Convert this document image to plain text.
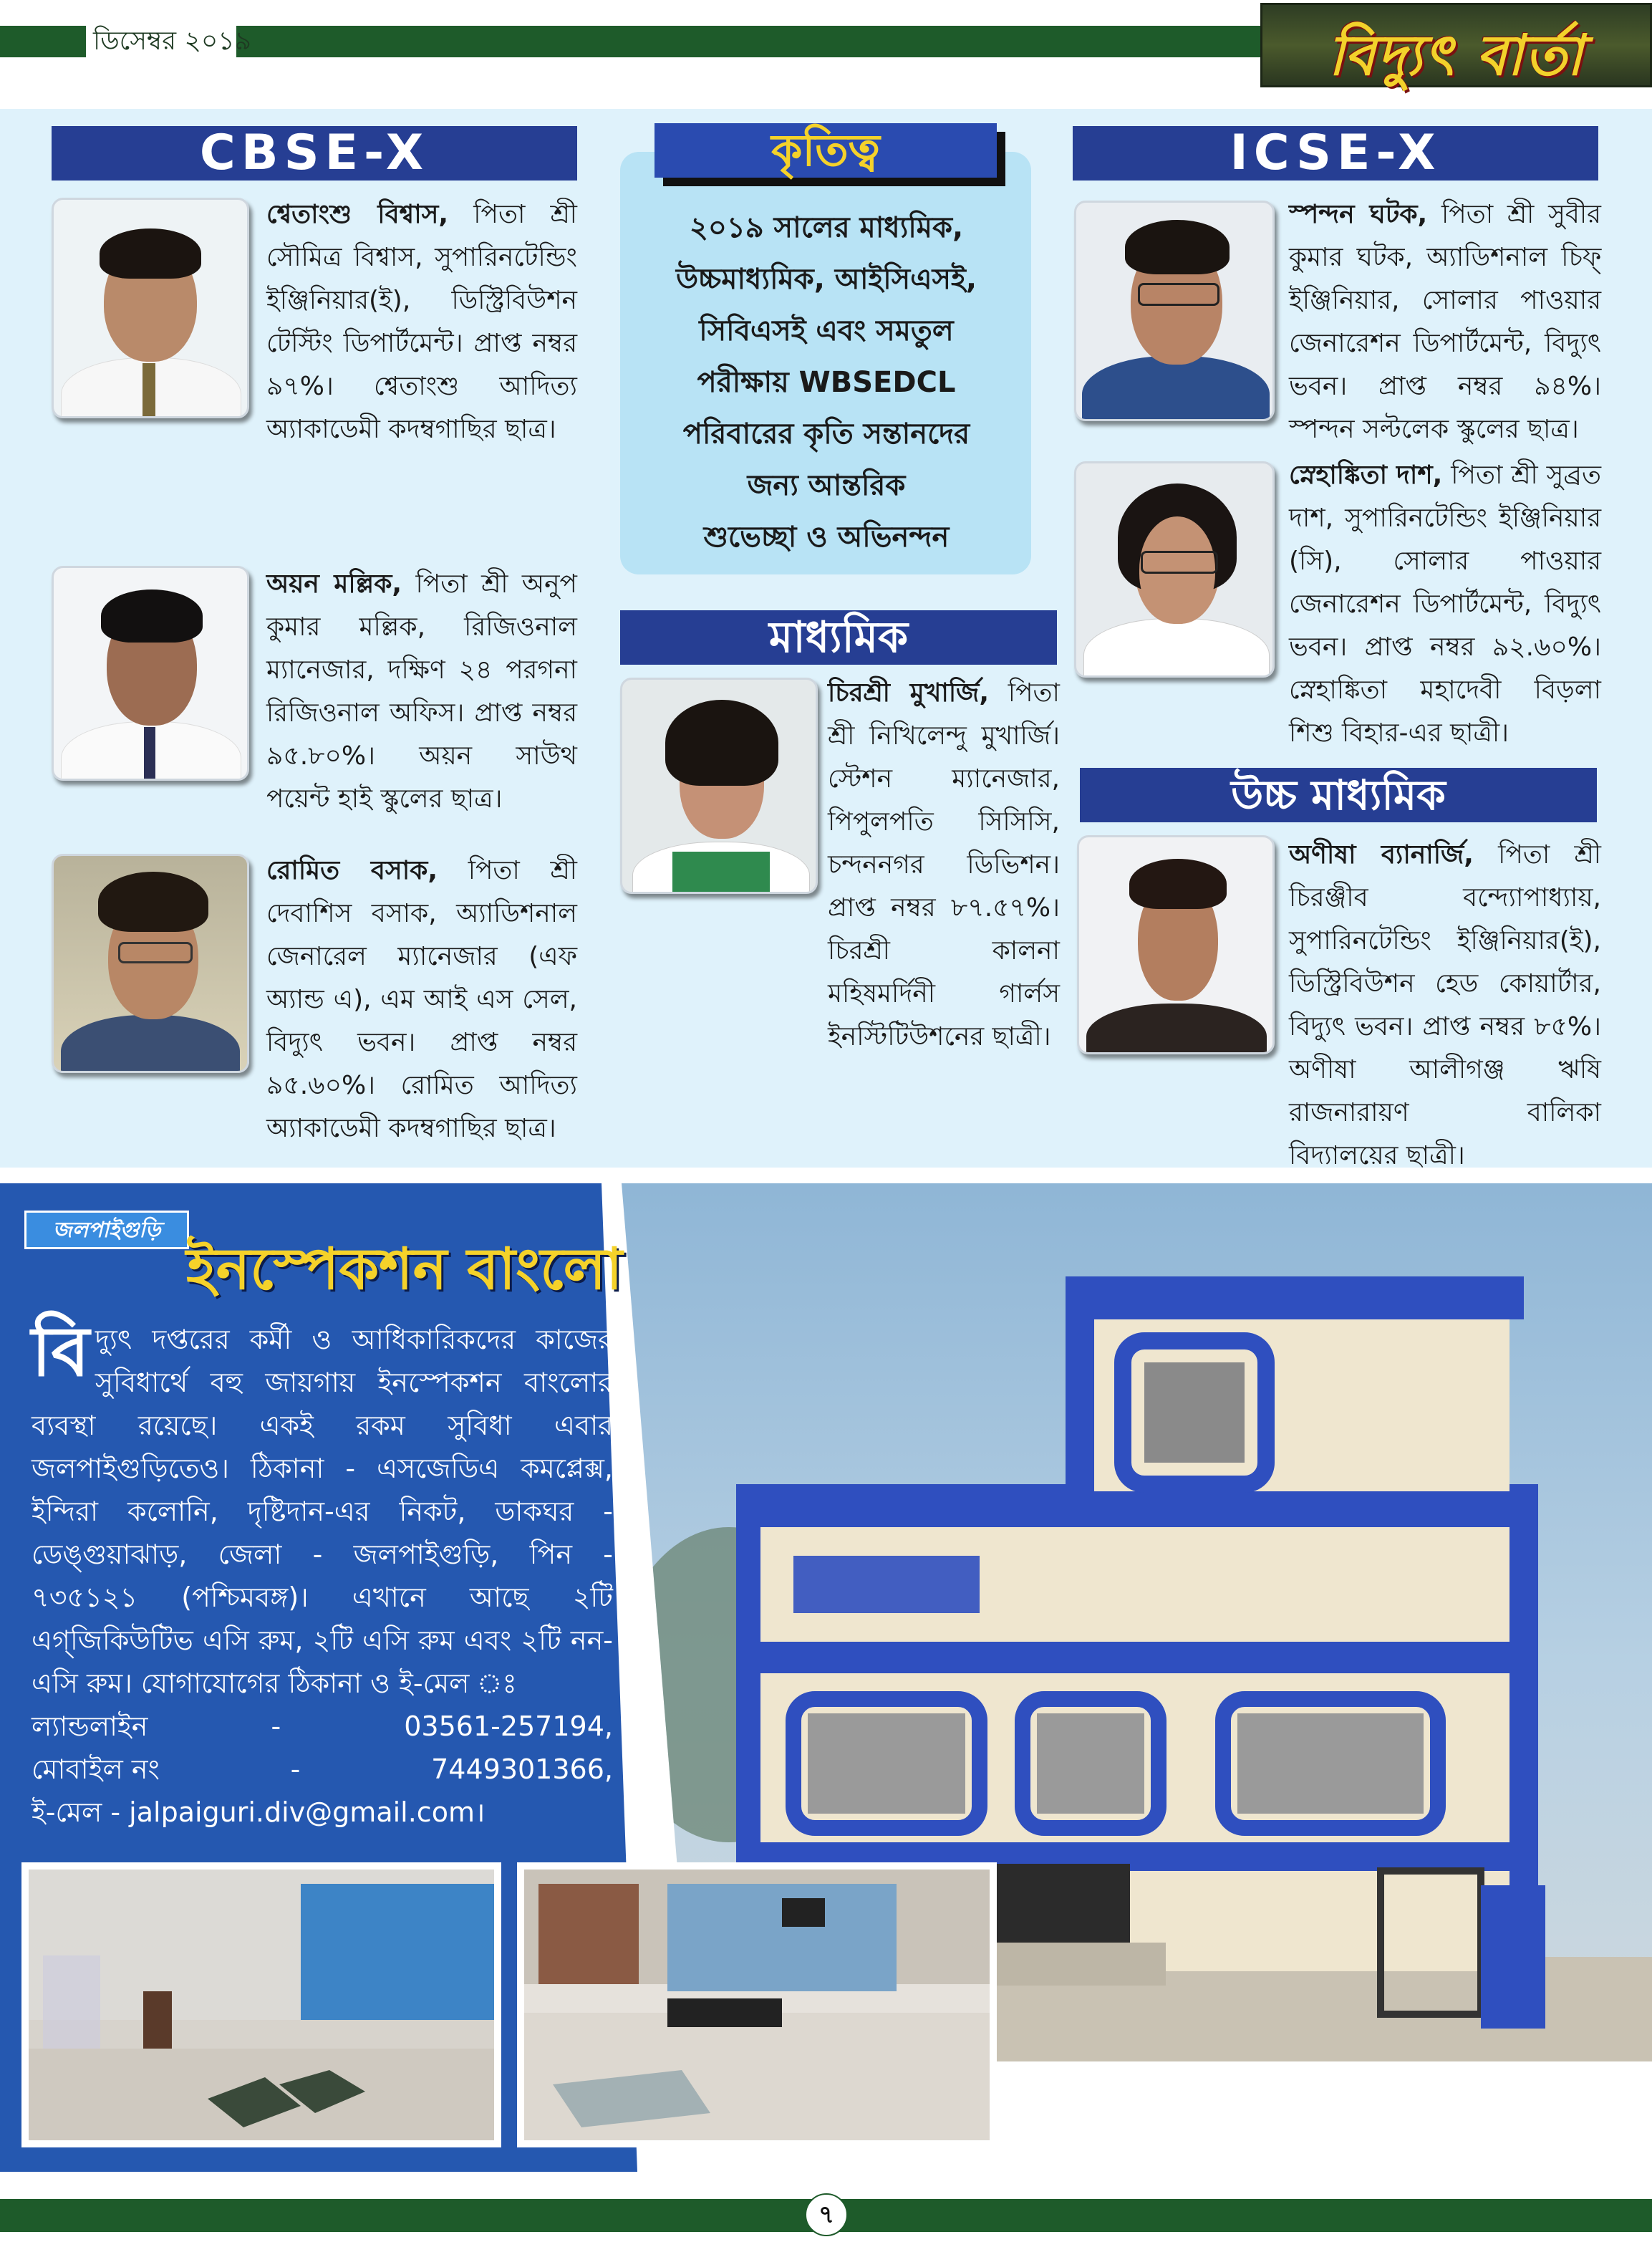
ডিসেম্বর ২০১৯	বিদ্যুৎ বার্তা
CBSE-X	ICSE-X
কৃতিত্ব
২০১৯ সালের মাধ্যমিক,
উচ্চমাধ্যমিক, আইসিএসই,
সিবিএসই এবং সমতুল
পরীক্ষায় WBSEDCL
পরিবারের কৃতি সন্তানদের
জন্য আন্তরিক
শুভেচ্ছা ও অভিনন্দন
মাধ্যমিক
উচ্চ মাধ্যমিক
শ্বেতাংশু বিশ্বাস, পিতা শ্রী সৌমিত্র বিশ্বাস, সুপারিনটেন্ডিং ইঞ্জিনিয়ার(ই), ডিস্ট্রিবিউশন টেস্টিং ডিপার্টমেন্ট। প্রাপ্ত নম্বর ৯৭%। শ্বেতাংশু আদিত্য অ্যাকাডেমী কদম্বগাছির ছাত্র।
অয়ন মল্লিক, পিতা শ্রী অনুপ কুমার মল্লিক, রিজিওনাল ম্যানেজার, দক্ষিণ ২৪ পরগনা রিজিওনাল অফিস। প্রাপ্ত নম্বর ৯৫.৮০%। অয়ন সাউথ পয়েন্ট হাই স্কুলের ছাত্র।
রোমিত বসাক, পিতা শ্রী দেবাশিস বসাক, অ্যাডিশনাল জেনারেল ম্যানেজার (এফ অ্যান্ড এ), এম আই এস সেল, বিদ্যুৎ ভবন। প্রাপ্ত নম্বর ৯৫.৬০%। রোমিত আদিত্য অ্যাকাডেমী কদম্বগাছির ছাত্র।
চিরশ্রী মুখার্জি, পিতা শ্রী নিখিলেন্দু মুখার্জি। স্টেশন ম্যানেজার, পিপুলপতি সিসিসি, চন্দননগর ডিভিশন। প্রাপ্ত নম্বর ৮৭.৫৭%। চিরশ্রী কালনা মহিষমর্দিনী গার্লস ইনস্টিটিউশনের ছাত্রী।
স্পন্দন ঘটক, পিতা শ্রী সুবীর কুমার ঘটক, অ্যাডিশনাল চিফ্ ইঞ্জিনিয়ার, সোলার পাওয়ার জেনারেশন ডিপার্টমেন্ট, বিদ্যুৎ ভবন। প্রাপ্ত নম্বর ৯৪%। স্পন্দন সল্টলেক স্কুলের ছাত্র।
স্নেহাঙ্কিতা দাশ, পিতা শ্রী সুব্রত দাশ, সুপারিনটেন্ডিং ইঞ্জিনিয়ার (সি), সোলার পাওয়ার জেনারেশন ডিপার্টমেন্ট, বিদ্যুৎ ভবন। প্রাপ্ত নম্বর ৯২.৬০%। স্নেহাঙ্কিতা মহাদেবী বিড়লা শিশু বিহার-এর ছাত্রী।
অণীষা ব্যানার্জি, পিতা শ্রী চিরঞ্জীব বন্দ্যোপাধ্যায়, সুপারিনটেন্ডিং ইঞ্জিনিয়ার(ই), ডিস্ট্রিবিউশন হেড কোয়ার্টার, বিদ্যুৎ ভবন। প্রাপ্ত নম্বর ৮৫%। অণীষা আলীগঞ্জ ঋষি রাজনারায়ণ বালিকা বিদ্যালয়ের ছাত্রী।
জলপাইগুড়ি
ইনস্পেকশন বাংলো
বিদ্যুৎ দপ্তরের কর্মী ও আধিকারিকদের কাজের সুবিধার্থে বহু জায়গায় ইনস্পেকশন বাংলোর ব্যবস্থা রয়েছে। একই রকম সুবিধা এবার জলপাইগুড়িতেও। ঠিকানা - এসজেডিএ কমপ্লেক্স, ইন্দিরা কলোনি, দৃষ্টিদান-এর নিকট, ডাকঘর - ডেঙ্গুয়াঝাড়, জেলা - জলপাইগুড়ি, পিন - ৭৩৫১২১ (পশ্চিমবঙ্গ)। এখানে আছে ২টি এগ্‌জিকিউটিভ এসি রুম, ২টি এসি রুম এবং ২টি নন-এসি রুম। যোগাযোগের ঠিকানা ও ই-মেল ঃ
ল্যান্ডলাইন	-	03561-257194,
মোবাইল নং	-	7449301366,
ই-মেল - jalpaiguri.div@gmail.com।
৭
